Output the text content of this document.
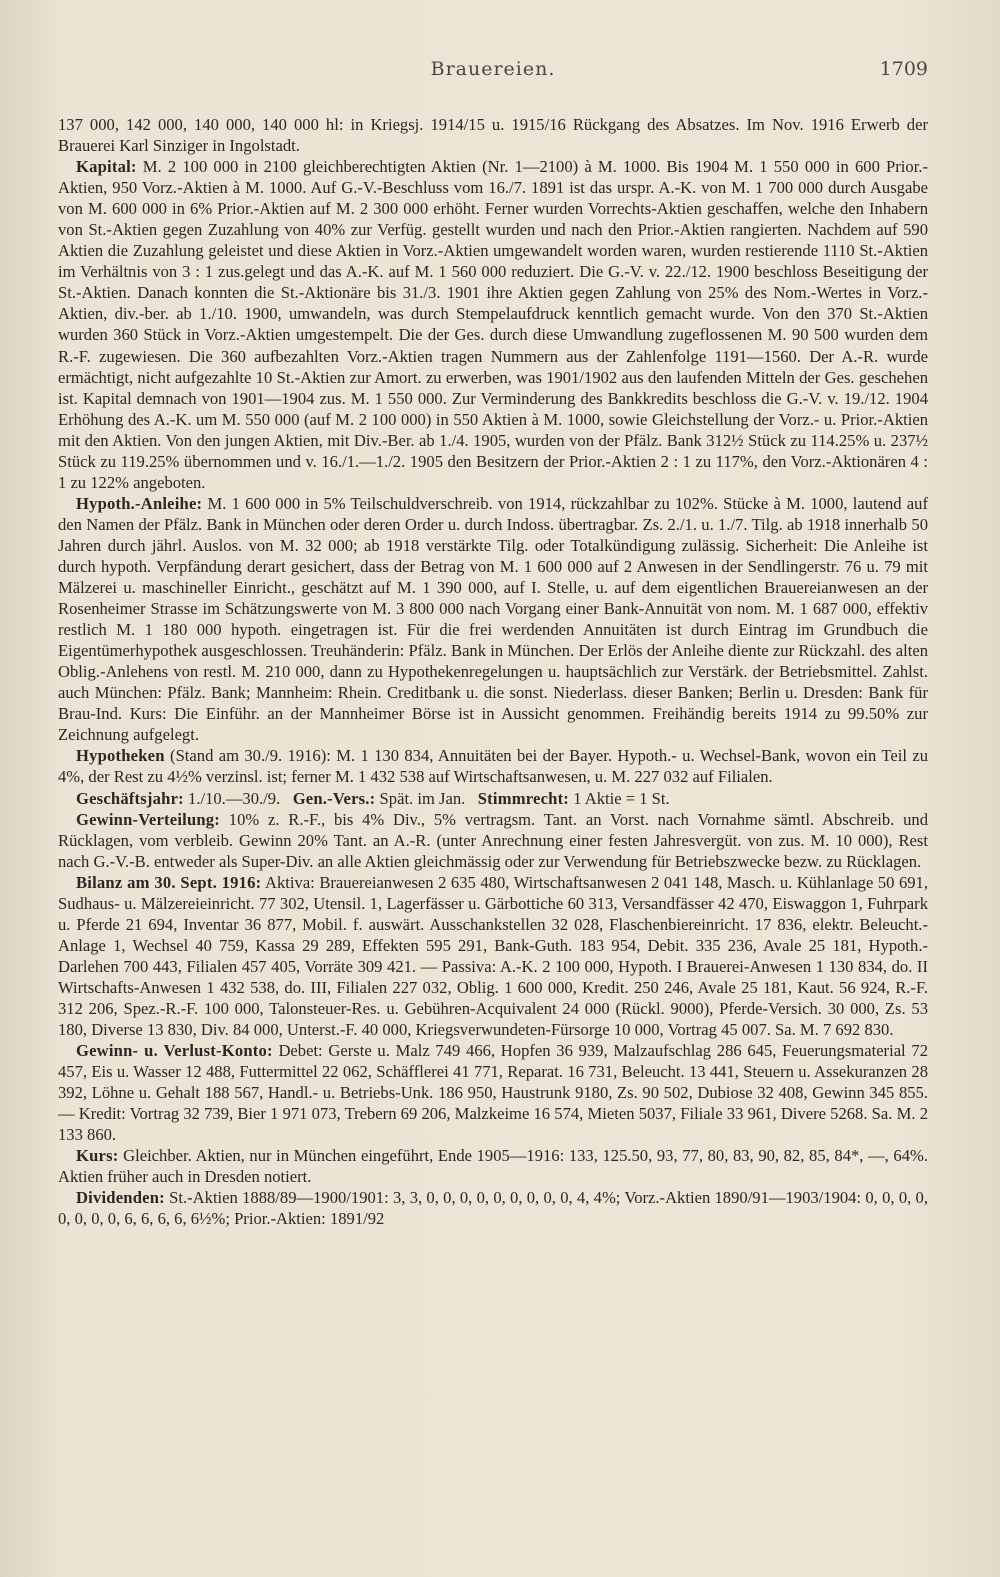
Brauereien.	1709

137 000, 142 000, 140 000, 140 000 hl: in Kriegsj. 1914/15 u. 1915/16 Rückgang des Absatzes. Im Nov. 1916 Erwerb der Brauerei Karl Sinziger in Ingolstadt.

Kapital: M. 2 100 000 in 2100 gleichberechtigten Aktien (Nr. 1—2100) à M. 1000. Bis 1904 M. 1 550 000 in 600 Prior.-Aktien, 950 Vorz.-Aktien à M. 1000. Auf G.-V.-Beschluss vom 16./7. 1891 ist das urspr. A.-K. von M. 1 700 000 durch Ausgabe von M. 600 000 in 6% Prior.-Aktien auf M. 2 300 000 erhöht. Ferner wurden Vorrechts-Aktien geschaffen, welche den Inhabern von St.-Aktien gegen Zuzahlung von 40% zur Verfüg. gestellt wurden und nach den Prior.-Aktien rangierten. Nachdem auf 590 Aktien die Zuzahlung geleistet und diese Aktien in Vorz.-Aktien umgewandelt worden waren, wurden restierende 1110 St.-Aktien im Verhältnis von 3 : 1 zus.gelegt und das A.-K. auf M. 1 560 000 reduziert. Die G.-V. v. 22./12. 1900 beschloss Beseitigung der St.-Aktien. Danach konnten die St.-Aktionäre bis 31./3. 1901 ihre Aktien gegen Zahlung von 25% des Nom.-Wertes in Vorz.-Aktien, div.-ber. ab 1./10. 1900, umwandeln, was durch Stempelaufdruck kenntlich gemacht wurde. Von den 370 St.-Aktien wurden 360 Stück in Vorz.-Aktien umgestempelt. Die der Ges. durch diese Umwandlung zugeflossenen M. 90 500 wurden dem R.-F. zugewiesen. Die 360 aufbezahlten Vorz.-Aktien tragen Nummern aus der Zahlenfolge 1191—1560. Der A.-R. wurde ermächtigt, nicht aufgezahlte 10 St.-Aktien zur Amort. zu erwerben, was 1901/1902 aus den laufenden Mitteln der Ges. geschehen ist. Kapital demnach von 1901—1904 zus. M. 1 550 000. Zur Verminderung des Bankkredits beschloss die G.-V. v. 19./12. 1904 Erhöhung des A.-K. um M. 550 000 (auf M. 2 100 000) in 550 Aktien à M. 1000, sowie Gleichstellung der Vorz.- u. Prior.-Aktien mit den Aktien. Von den jungen Aktien, mit Div.-Ber. ab 1./4. 1905, wurden von der Pfälz. Bank 312½ Stück zu 114.25% u. 237½ Stück zu 119.25% übernommen und v. 16./1.—1./2. 1905 den Besitzern der Prior.-Aktien 2 : 1 zu 117%, den Vorz.-Aktionären 4 : 1 zu 122% angeboten.

Hypoth.-Anleihe: M. 1 600 000 in 5% Teilschuldverschreib. von 1914, rückzahlbar zu 102%. Stücke à M. 1000, lautend auf den Namen der Pfälz. Bank in München oder deren Order u. durch Indoss. übertragbar. Zs. 2./1. u. 1./7. Tilg. ab 1918 innerhalb 50 Jahren durch jährl. Auslos. von M. 32 000; ab 1918 verstärkte Tilg. oder Totalkündigung zulässig. Sicherheit: Die Anleihe ist durch hypoth. Verpfändung derart gesichert, dass der Betrag von M. 1 600 000 auf 2 Anwesen in der Sendlingerstr. 76 u. 79 mit Mälzerei u. maschineller Einricht., geschätzt auf M. 1 390 000, auf I. Stelle, u. auf dem eigentlichen Brauereianwesen an der Rosenheimer Strasse im Schätzungswerte von M. 3 800 000 nach Vorgang einer Bank-Annuität von nom. M. 1 687 000, effektiv restlich M. 1 180 000 hypoth. eingetragen ist. Für die frei werdenden Annuitäten ist durch Eintrag im Grundbuch die Eigentümerhypothek ausgeschlossen. Treuhänderin: Pfälz. Bank in München. Der Erlös der Anleihe diente zur Rückzahl. des alten Oblig.-Anlehens von restl. M. 210 000, dann zu Hypothekenregelungen u. hauptsächlich zur Verstärk. der Betriebsmittel. Zahlst. auch München: Pfälz. Bank; Mannheim: Rhein. Creditbank u. die sonst. Niederlass. dieser Banken; Berlin u. Dresden: Bank für Brau-Ind. Kurs: Die Einführ. an der Mannheimer Börse ist in Aussicht genommen. Freihändig bereits 1914 zu 99.50% zur Zeichnung aufgelegt.

Hypotheken (Stand am 30./9. 1916): M. 1 130 834, Annuitäten bei der Bayer. Hypoth.- u. Wechsel-Bank, wovon ein Teil zu 4%, der Rest zu 4½% verzinsl. ist; ferner M. 1 432 538 auf Wirtschaftsanwesen, u. M. 227 032 auf Filialen.

Geschäftsjahr: 1./10.—30./9. Gen.-Vers.: Spät. im Jan. Stimmrecht: 1 Aktie = 1 St.

Gewinn-Verteilung: 10% z. R.-F., bis 4% Div., 5% vertragsm. Tant. an Vorst. nach Vornahme sämtl. Abschreib. und Rücklagen, vom verbleib. Gewinn 20% Tant. an A.-R. (unter Anrechnung einer festen Jahresvergüt. von zus. M. 10 000), Rest nach G.-V.-B. entweder als Super-Div. an alle Aktien gleichmässig oder zur Verwendung für Betriebszwecke bezw. zu Rücklagen.

Bilanz am 30. Sept. 1916: Aktiva: Brauereianwesen 2 635 480, Wirtschaftsanwesen 2 041 148, Masch. u. Kühlanlage 50 691, Sudhaus- u. Mälzereieinricht. 77 302, Utensil. 1, Lagerfässer u. Gärbottiche 60 313, Versandfässer 42 470, Eiswaggon 1, Fuhrpark u. Pferde 21 694, Inventar 36 877, Mobil. f. auswärt. Ausschankstellen 32 028, Flaschenbiereinricht. 17 836, elektr. Beleucht.-Anlage 1, Wechsel 40 759, Kassa 29 289, Effekten 595 291, Bank-Guth. 183 954, Debit. 335 236, Avale 25 181, Hypoth.-Darlehen 700 443, Filialen 457 405, Vorräte 309 421. — Passiva: A.-K. 2 100 000, Hypoth. I Brauerei-Anwesen 1 130 834, do. II Wirtschafts-Anwesen 1 432 538, do. III, Filialen 227 032, Oblig. 1 600 000, Kredit. 250 246, Avale 25 181, Kaut. 56 924, R.-F. 312 206, Spez.-R.-F. 100 000, Talonsteuer-Res. u. Gebühren-Acquivalent 24 000 (Rückl. 9000), Pferde-Versich. 30 000, Zs. 53 180, Diverse 13 830, Div. 84 000, Unterst.-F. 40 000, Kriegsverwundeten-Fürsorge 10 000, Vortrag 45 007. Sa. M. 7 692 830.

Gewinn- u. Verlust-Konto: Debet: Gerste u. Malz 749 466, Hopfen 36 939, Malzaufschlag 286 645, Feuerungsmaterial 72 457, Eis u. Wasser 12 488, Futtermittel 22 062, Schäfflerei 41 771, Reparat. 16 731, Beleucht. 13 441, Steuern u. Assekuranzen 28 392, Löhne u. Gehalt 188 567, Handl.- u. Betriebs-Unk. 186 950, Haustrunk 9180, Zs. 90 502, Dubiose 32 408, Gewinn 345 855. — Kredit: Vortrag 32 739, Bier 1 971 073, Trebern 69 206, Malzkeime 16 574, Mieten 5037, Filiale 33 961, Divere 5268. Sa. M. 2 133 860.

Kurs: Gleichber. Aktien, nur in München eingeführt, Ende 1905—1916: 133, 125.50, 93, 77, 80, 83, 90, 82, 85, 84*, —, 64%. Aktien früher auch in Dresden notiert.

Dividenden: St.-Aktien 1888/89—1900/1901: 3, 3, 0, 0, 0, 0, 0, 0, 0, 0, 0, 4, 4%; Vorz.-Aktien 1890/91—1903/1904: 0, 0, 0, 0, 0, 0, 0, 0, 6, 6, 6, 6, 6½%; Prior.-Aktien: 1891/92
